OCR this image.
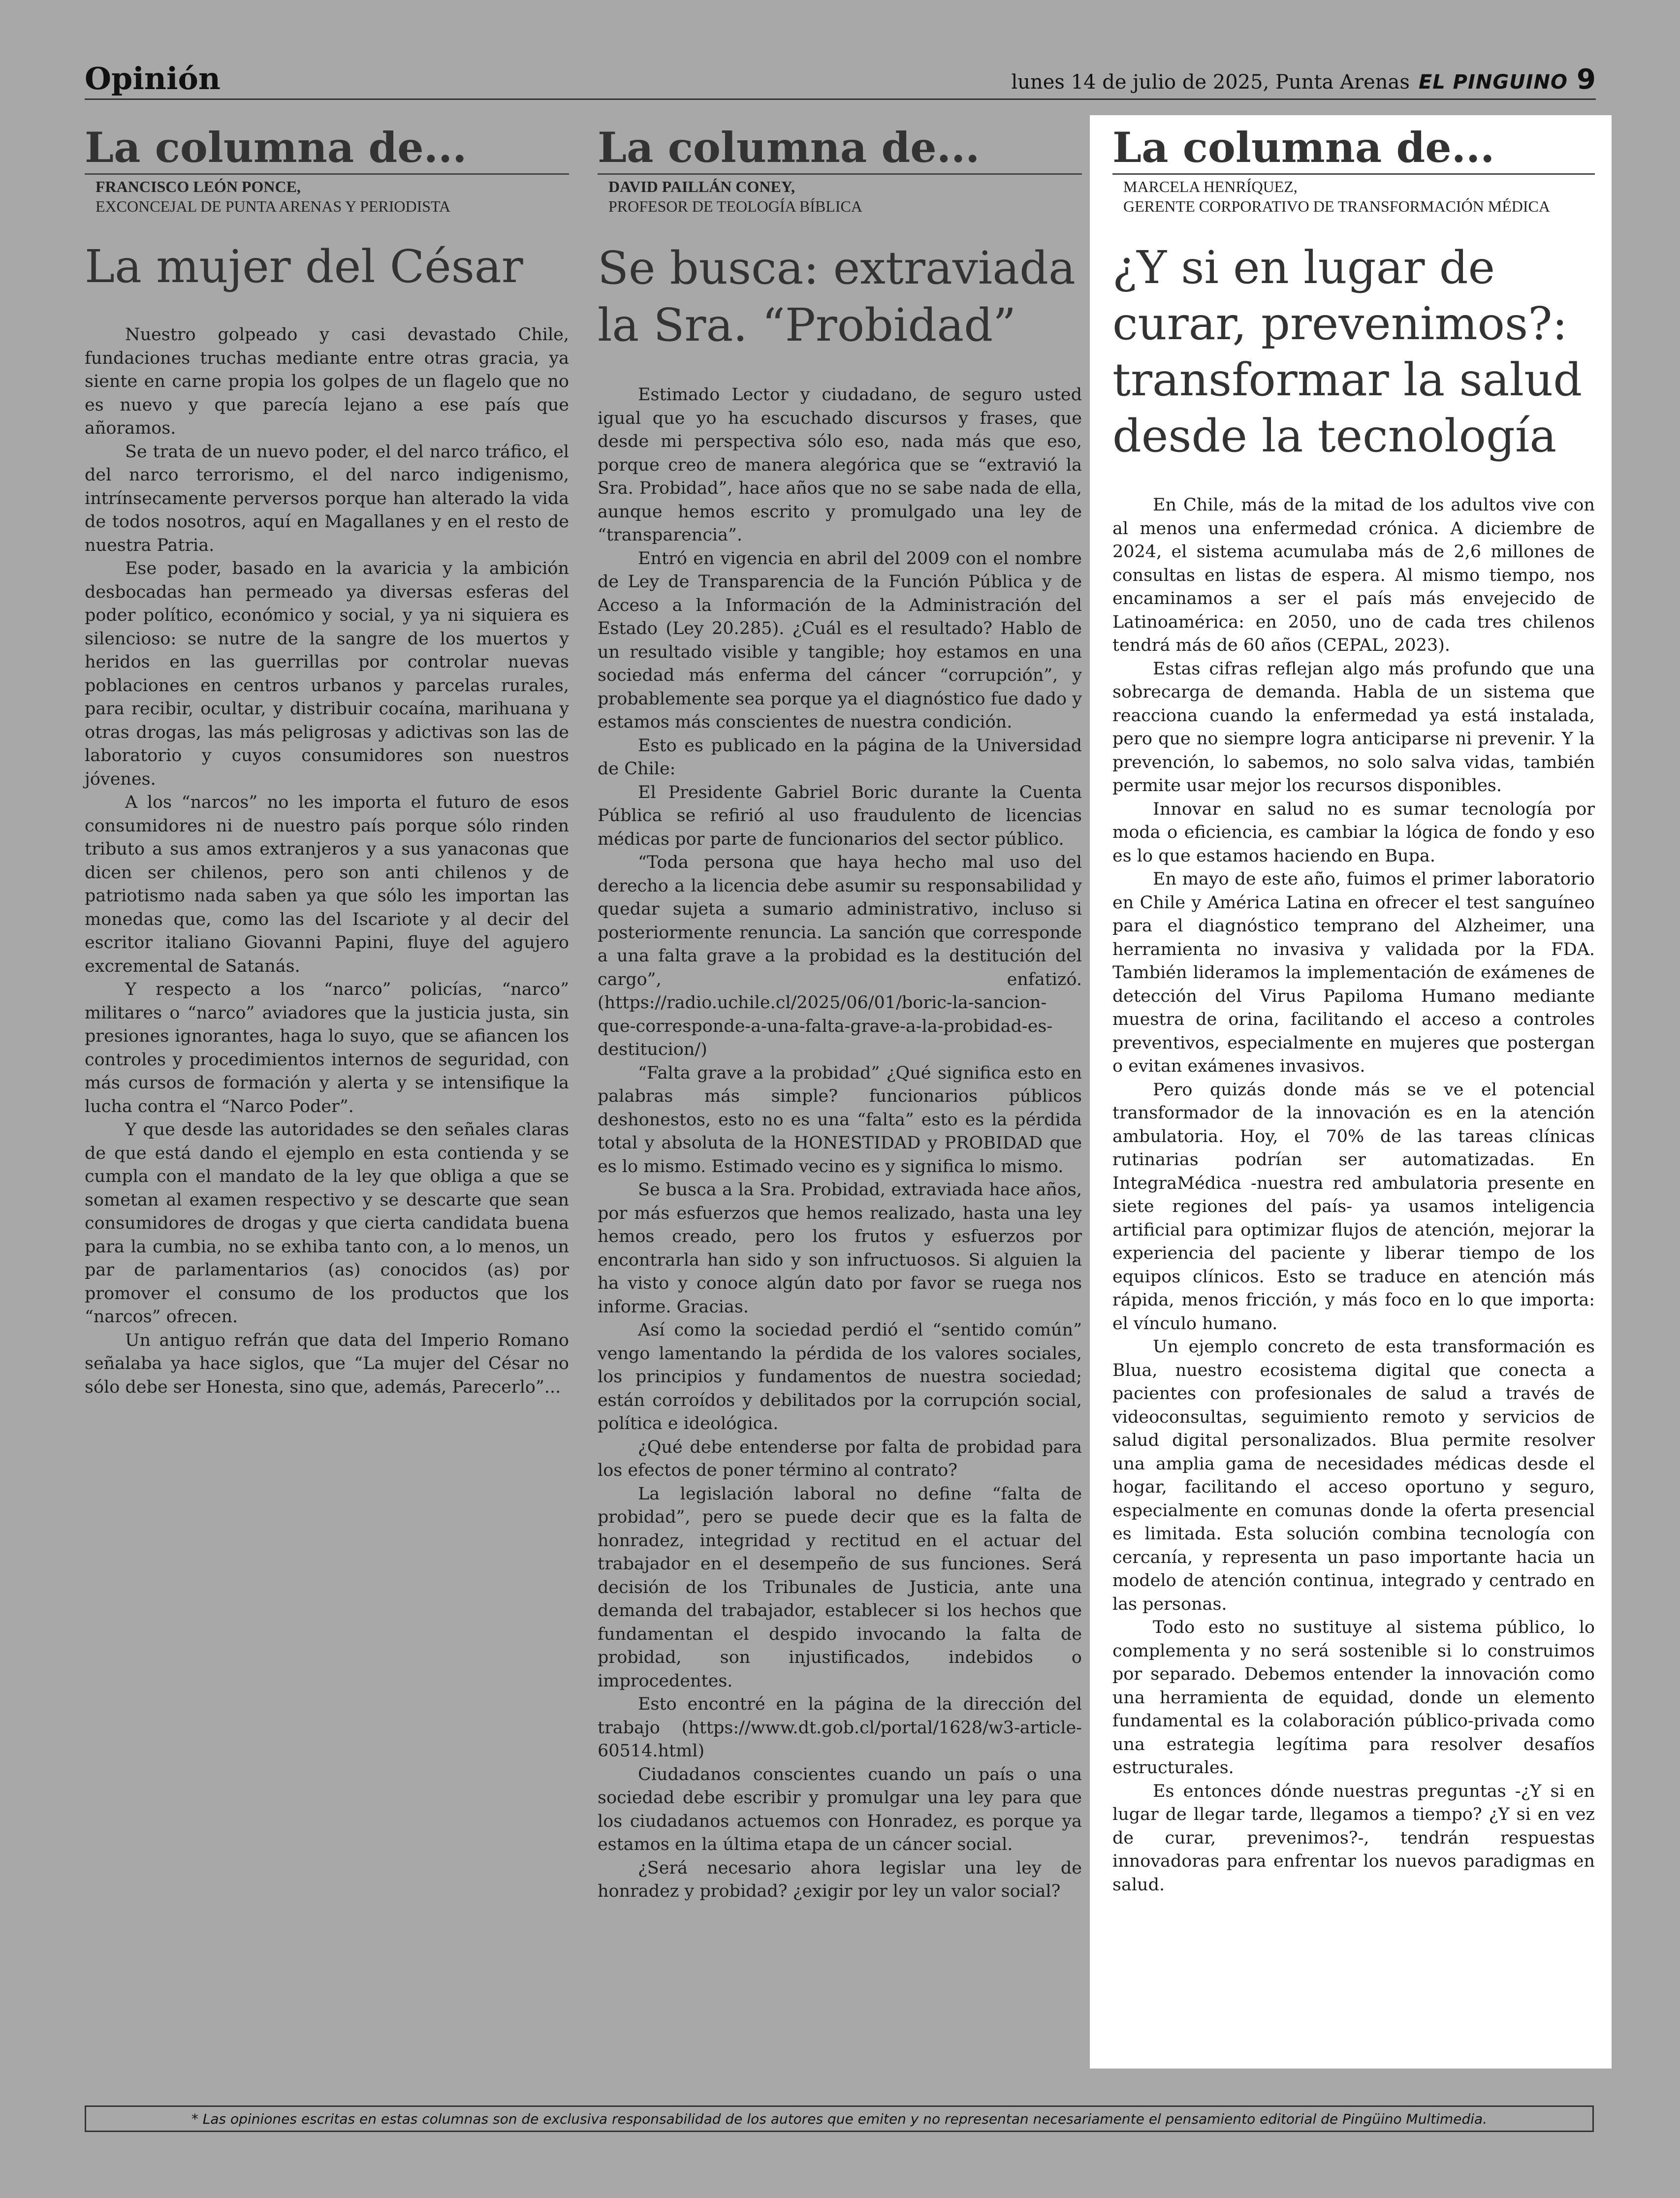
Opinión	lunes 14 de julio de 2025, Punta Arenas EL PINGUINO 9
La columna de...
FRANCISCO LEÓN PONCE,
EXCONCEJAL DE PUNTA ARENAS Y PERIODISTA
La mujer del César

Nuestro golpeado y casi devastado Chile, fundaciones truchas mediante entre otras gracia, ya siente en carne propia los golpes de un flagelo que no es nuevo y que parecía lejano a ese país que añoramos.

Se trata de un nuevo poder, el del narco tráfico, el del narco terrorismo, el del narco indigenismo, intrínsecamente perversos porque han alterado la vida de todos nosotros, aquí en Magallanes y en el resto de nuestra Patria.

Ese poder, basado en la avaricia y la ambición desbocadas han permeado ya diversas esferas del poder político, económico y social, y ya ni siquiera es silencioso: se nutre de la sangre de los muertos y heridos en las guerrillas por controlar nuevas poblaciones en centros urbanos y parcelas rurales, para recibir, ocultar, y distribuir cocaína, marihuana y otras drogas, las más peligrosas y adictivas son las de laboratorio y cuyos consumidores son nuestros jóvenes.

A los “narcos” no les importa el futuro de esos consumidores ni de nuestro país porque sólo rinden tributo a sus amos extranjeros y a sus yanaconas que dicen ser chilenos, pero son anti chilenos y de patriotismo nada saben ya que sólo les importan las monedas que, como las del Iscariote y al decir del escritor italiano Giovanni Papini, fluye del agujero excremental de Satanás.

Y respecto a los “narco” policías, “narco” militares o “narco” aviadores que la justicia justa, sin presiones ignorantes, haga lo suyo, que se afiancen los controles y procedimientos internos de seguridad, con más cursos de formación y alerta y se intensifique la lucha contra el “Narco Poder”.

Y que desde las autoridades se den señales claras de que está dando el ejemplo en esta contienda y se cumpla con el mandato de la ley que obliga a que se sometan al examen respectivo y se descarte que sean consumidores de drogas y que cierta candidata buena para la cumbia, no se exhiba tanto con, a lo menos, un par de parlamentarios (as) conocidos (as) por promover el consumo de los productos que los “narcos” ofrecen.

Un antiguo refrán que data del Imperio Romano señalaba ya hace siglos, que “La mujer del César no sólo debe ser Honesta, sino que, además, Parecerlo”...

La columna de...
DAVID PAILLÁN CONEY,
PROFESOR DE TEOLOGÍA BÍBLICA
Se busca: extraviada la Sra. “Probidad”

Estimado Lector y ciudadano, de seguro usted igual que yo ha escuchado discursos y frases, que desde mi perspectiva sólo eso, nada más que eso, porque creo de manera alegórica que se “extravió la Sra. Probidad”, hace años que no se sabe nada de ella, aunque hemos escrito y promulgado una ley de “transparencia”.

Entró en vigencia en abril del 2009 con el nombre de Ley de Transparencia de la Función Pública y de Acceso a la Información de la Administración del Estado (Ley 20.285). ¿Cuál es el resultado? Hablo de un resultado visible y tangible; hoy estamos en una sociedad más enferma del cáncer “corrupción”, y probablemente sea porque ya el diagnóstico fue dado y estamos más conscientes de nuestra condición.

Esto es publicado en la página de la Universidad de Chile:

El Presidente Gabriel Boric durante la Cuenta Pública se refirió al uso fraudulento de licencias médicas por parte de funcionarios del sector público.

“Toda persona que haya hecho mal uso del derecho a la licencia debe asumir su responsabilidad y quedar sujeta a sumario administrativo, incluso si posteriormente renuncia. La sanción que corresponde a una falta grave a la probidad es la destitución del cargo”, enfatizó. (https://radio.uchile.cl/2025/06/01/boric-la-sancion-que-corresponde-a-una-falta-grave-a-la-probidad-es-destitucion/)

“Falta grave a la probidad” ¿Qué significa esto en palabras más simple? funcionarios públicos deshonestos, esto no es una “falta” esto es la pérdida total y absoluta de la HONESTIDAD y PROBIDAD que es lo mismo. Estimado vecino es y significa lo mismo.

Se busca a la Sra. Probidad, extraviada hace años, por más esfuerzos que hemos realizado, hasta una ley hemos creado, pero los frutos y esfuerzos por encontrarla han sido y son infructuosos. Si alguien la ha visto y conoce algún dato por favor se ruega nos informe. Gracias.

Así como la sociedad perdió el “sentido común” vengo lamentando la pérdida de los valores sociales, los principios y fundamentos de nuestra sociedad; están corroídos y debilitados por la corrupción social, política e ideológica.

¿Qué debe entenderse por falta de probidad para los efectos de poner término al contrato?

La legislación laboral no define “falta de probidad”, pero se puede decir que es la falta de honradez, integridad y rectitud en el actuar del trabajador en el desempeño de sus funciones. Será decisión de los Tribunales de Justicia, ante una demanda del trabajador, establecer si los hechos que fundamentan el despido invocando la falta de probidad, son injustificados, indebidos o improcedentes.

Esto encontré en la página de la dirección del trabajo (https://www.dt.gob.cl/portal/1628/w3-article-60514.html)

Ciudadanos conscientes cuando un país o una sociedad debe escribir y promulgar una ley para que los ciudadanos actuemos con Honradez, es porque ya estamos en la última etapa de un cáncer social.

¿Será necesario ahora legislar una ley de honradez y probidad? ¿exigir por ley un valor social?

La columna de...
MARCELA HENRÍQUEZ,
GERENTE CORPORATIVO DE TRANSFORMACIÓN MÉDICA
¿Y si en lugar de curar, prevenimos?: transformar la salud desde la tecnología

En Chile, más de la mitad de los adultos vive con al menos una enfermedad crónica. A diciembre de 2024, el sistema acumulaba más de 2,6 millones de consultas en listas de espera. Al mismo tiempo, nos encaminamos a ser el país más envejecido de Latinoamérica: en 2050, uno de cada tres chilenos tendrá más de 60 años (CEPAL, 2023).

Estas cifras reflejan algo más profundo que una sobrecarga de demanda. Habla de un sistema que reacciona cuando la enfermedad ya está instalada, pero que no siempre logra anticiparse ni prevenir. Y la prevención, lo sabemos, no solo salva vidas, también permite usar mejor los recursos disponibles.

Innovar en salud no es sumar tecnología por moda o eficiencia, es cambiar la lógica de fondo y eso es lo que estamos haciendo en Bupa.

En mayo de este año, fuimos el primer laboratorio en Chile y América Latina en ofrecer el test sanguíneo para el diagnóstico temprano del Alzheimer, una herramienta no invasiva y validada por la FDA. También lideramos la implementación de exámenes de detección del Virus Papiloma Humano mediante muestra de orina, facilitando el acceso a controles preventivos, especialmente en mujeres que postergan o evitan exámenes invasivos.

Pero quizás donde más se ve el potencial transformador de la innovación es en la atención ambulatoria. Hoy, el 70% de las tareas clínicas rutinarias podrían ser automatizadas. En IntegraMédica -nuestra red ambulatoria presente en siete regiones del país- ya usamos inteligencia artificial para optimizar flujos de atención, mejorar la experiencia del paciente y liberar tiempo de los equipos clínicos. Esto se traduce en atención más rápida, menos fricción, y más foco en lo que importa: el vínculo humano.

Un ejemplo concreto de esta transformación es Blua, nuestro ecosistema digital que conecta a pacientes con profesionales de salud a través de videoconsultas, seguimiento remoto y servicios de salud digital personalizados. Blua permite resolver una amplia gama de necesidades médicas desde el hogar, facilitando el acceso oportuno y seguro, especialmente en comunas donde la oferta presencial es limitada. Esta solución combina tecnología con cercanía, y representa un paso importante hacia un modelo de atención continua, integrado y centrado en las personas.

Todo esto no sustituye al sistema público, lo complementa y no será sostenible si lo construimos por separado. Debemos entender la innovación como una herramienta de equidad, donde un elemento fundamental es la colaboración público-privada como una estrategia legítima para resolver desafíos estructurales.

Es entonces dónde nuestras preguntas -¿Y si en lugar de llegar tarde, llegamos a tiempo? ¿Y si en vez de curar, prevenimos?-, tendrán respuestas innovadoras para enfrentar los nuevos paradigmas en salud.

* Las opiniones escritas en estas columnas son de exclusiva responsabilidad de los autores que emiten y no representan necesariamente el pensamiento editorial de Pingüino Multimedia.
